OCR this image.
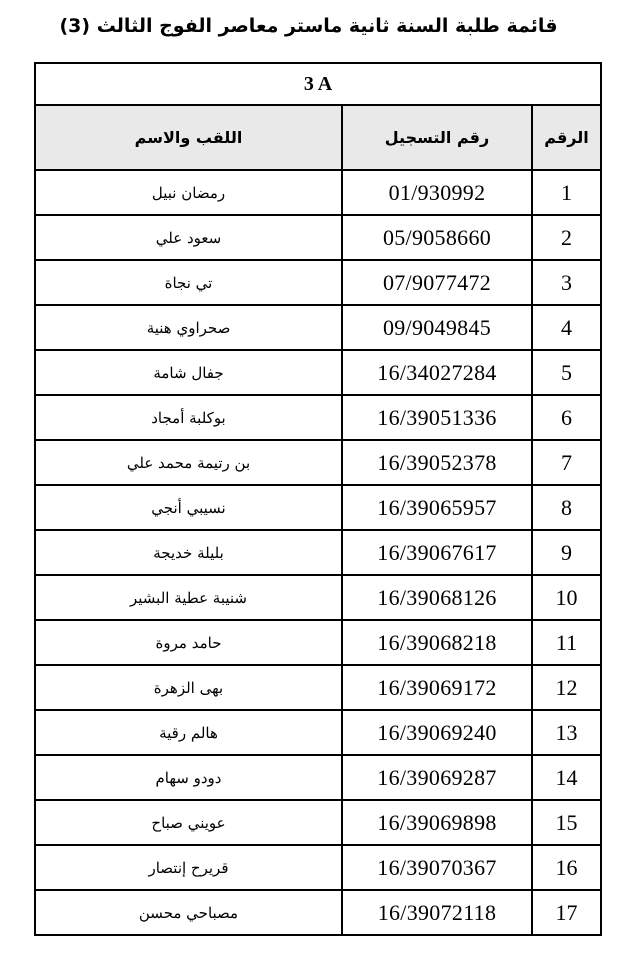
قائمة طلبة السنة ثانية ماستر معاصر الفوج الثالث (3)
3 A		
اللقب والاسم	رقم التسجيل	الرقم
رمضان نبيل	01/930992	1
سعود علي	05/9058660	2
تي نجاة	07/9077472	3
صحراوي هنية	09/9049845	4
جفال شامة	16/34027284	5
بوكلبة أمجاد	16/39051336	6
بن رتيمة محمد علي	16/39052378	7
نسيبي أنجي	16/39065957	8
بليلة خديجة	16/39067617	9
شنيبة عطية البشير	16/39068126	10
حامد مروة	16/39068218	11
بهى الزهرة	16/39069172	12
هالم رقية	16/39069240	13
دودو سهام	16/39069287	14
عويني صباح	16/39069898	15
قريرح إنتصار	16/39070367	16
مصباحي محسن	16/39072118	17
